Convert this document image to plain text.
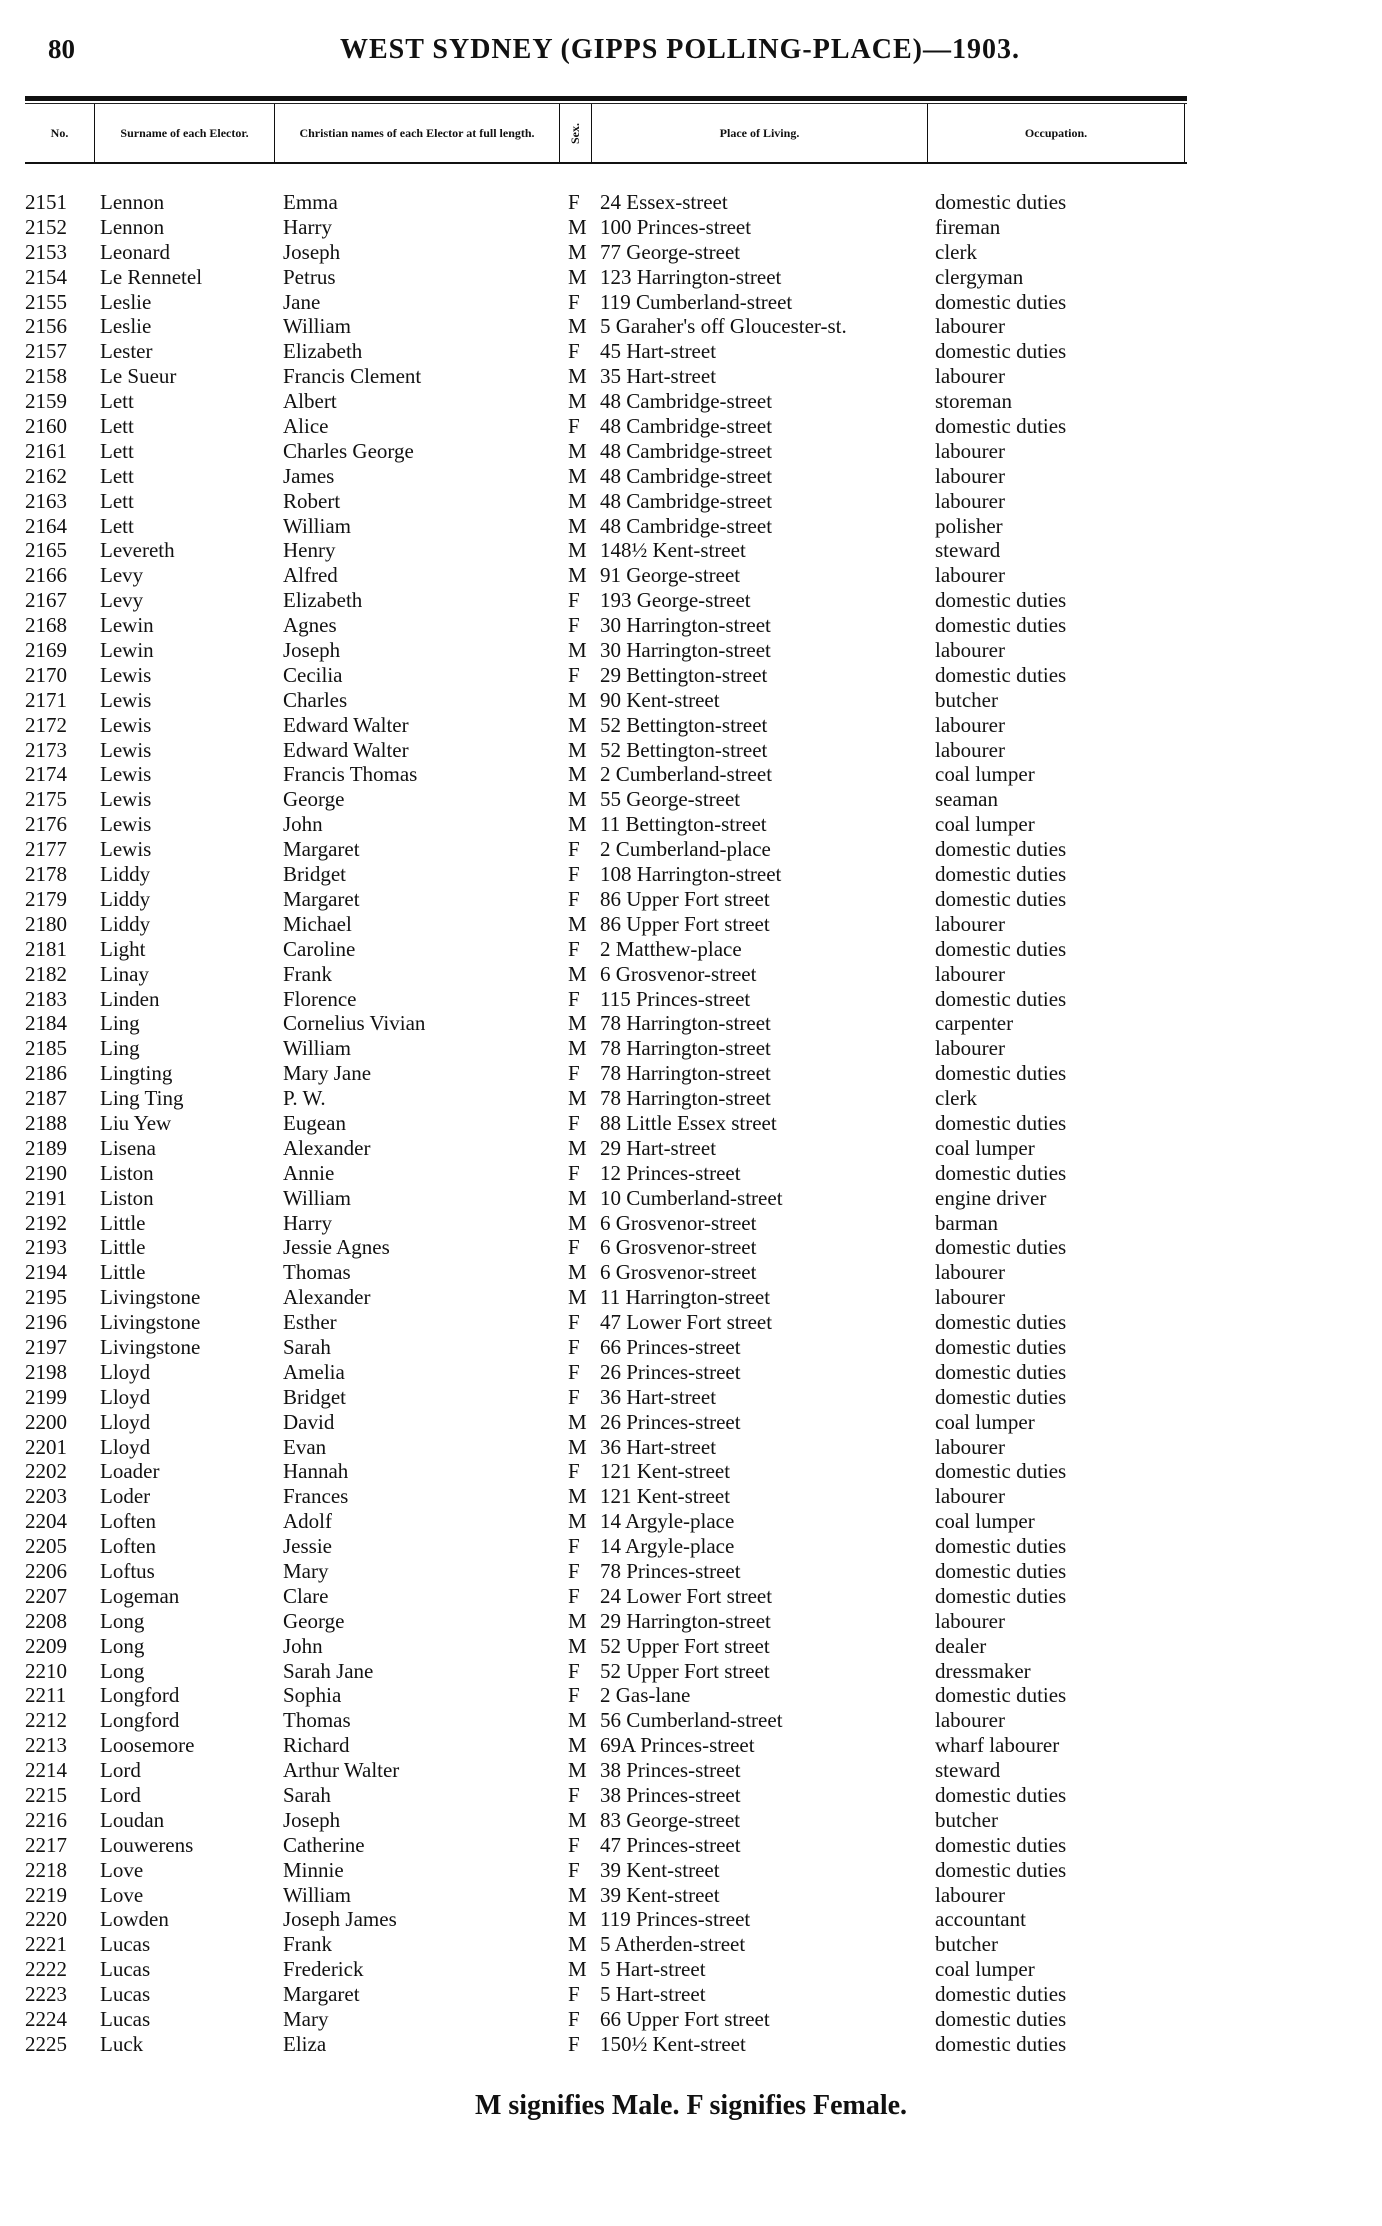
80	WEST SYDNEY (GIPPS POLLING-PLACE)—1903.
No.	Surname of each Elector.	Christian names of each Elector at full length.	Sex.	Place of Living.	Occupation.
2151	Lennon	Emma	F 24 Essex-street	domestic duties
2152	Lennon	Harry	M 100 Princes-street	fireman
2153	Leonard	Joseph	M 77 George-street	clerk
2154	Le Rennetel	Petrus	M 123 Harrington-street	clergyman
2155	Leslie	Jane	F 119 Cumberland-street	domestic duties
2156	Leslie	William	M 5 Garaher's off Gloucester-st.	labourer
2157	Lester	Elizabeth	F 45 Hart-street	domestic duties
2158	Le Sueur	Francis Clement	M 35 Hart-street	labourer
2159	Lett	Albert	M 48 Cambridge-street	storeman
2160	Lett	Alice	F 48 Cambridge-street	domestic duties
2161	Lett	Charles George	M 48 Cambridge-street	labourer
2162	Lett	James	M 48 Cambridge-street	labourer
2163	Lett	Robert	M 48 Cambridge-street	labourer
2164	Lett	William	M 48 Cambridge-street	polisher
2165	Levereth	Henry	M 148½ Kent-street	steward
2166	Levy	Alfred	M 91 George-street	labourer
2167	Levy	Elizabeth	F 193 George-street	domestic duties
2168	Lewin	Agnes	F 30 Harrington-street	domestic duties
2169	Lewin	Joseph	M 30 Harrington-street	labourer
2170	Lewis	Cecilia	F 29 Bettington-street	domestic duties
2171	Lewis	Charles	M 90 Kent-street	butcher
2172	Lewis	Edward Walter	M 52 Bettington-street	labourer
2173	Lewis	Edward Walter	M 52 Bettington-street	labourer
2174	Lewis	Francis Thomas	M 2 Cumberland-street	coal lumper
2175	Lewis	George	M 55 George-street	seaman
2176	Lewis	John	M 11 Bettington-street	coal lumper
2177	Lewis	Margaret	F 2 Cumberland-place	domestic duties
2178	Liddy	Bridget	F 108 Harrington-street	domestic duties
2179	Liddy	Margaret	F 86 Upper Fort street	domestic duties
2180	Liddy	Michael	M 86 Upper Fort street	labourer
2181	Light	Caroline	F 2 Matthew-place	domestic duties
2182	Linay	Frank	M 6 Grosvenor-street	labourer
2183	Linden	Florence	F 115 Princes-street	domestic duties
2184	Ling	Cornelius Vivian	M 78 Harrington-street	carpenter
2185	Ling	William	M 78 Harrington-street	labourer
2186	Lingting	Mary Jane	F 78 Harrington-street	domestic duties
2187	Ling Ting	P. W.	M 78 Harrington-street	clerk
2188	Liu Yew	Eugean	F 88 Little Essex street	domestic duties
2189	Lisena	Alexander	M 29 Hart-street	coal lumper
2190	Liston	Annie	F 12 Princes-street	domestic duties
2191	Liston	William	M 10 Cumberland-street	engine driver
2192	Little	Harry	M 6 Grosvenor-street	barman
2193	Little	Jessie Agnes	F 6 Grosvenor-street	domestic duties
2194	Little	Thomas	M 6 Grosvenor-street	labourer
2195	Livingstone	Alexander	M 11 Harrington-street	labourer
2196	Livingstone	Esther	F 47 Lower Fort street	domestic duties
2197	Livingstone	Sarah	F 66 Princes-street	domestic duties
2198	Lloyd	Amelia	F 26 Princes-street	domestic duties
2199	Lloyd	Bridget	F 36 Hart-street	domestic duties
2200	Lloyd	David	M 26 Princes-street	coal lumper
2201	Lloyd	Evan	M 36 Hart-street	labourer
2202	Loader	Hannah	F 121 Kent-street	domestic duties
2203	Loder	Frances	M 121 Kent-street	labourer
2204	Loften	Adolf	M 14 Argyle-place	coal lumper
2205	Loften	Jessie	F 14 Argyle-place	domestic duties
2206	Loftus	Mary	F 78 Princes-street	domestic duties
2207	Logeman	Clare	F 24 Lower Fort street	domestic duties
2208	Long	George	M 29 Harrington-street	labourer
2209	Long	John	M 52 Upper Fort street	dealer
2210	Long	Sarah Jane	F 52 Upper Fort street	dressmaker
2211	Longford	Sophia	F 2 Gas-lane	domestic duties
2212	Longford	Thomas	M 56 Cumberland-street	labourer
2213	Loosemore	Richard	M 69A Princes-street	wharf labourer
2214	Lord	Arthur Walter	M 38 Princes-street	steward
2215	Lord	Sarah	F 38 Princes-street	domestic duties
2216	Loudan	Joseph	M 83 George-street	butcher
2217	Louwerens	Catherine	F 47 Princes-street	domestic duties
2218	Love	Minnie	F 39 Kent-street	domestic duties
2219	Love	William	M 39 Kent-street	labourer
2220	Lowden	Joseph James	M 119 Princes-street	accountant
2221	Lucas	Frank	M 5 Atherden-street	butcher
2222	Lucas	Frederick	M 5 Hart-street	coal lumper
2223	Lucas	Margaret	F 5 Hart-street	domestic duties
2224	Lucas	Mary	F 66 Upper Fort street	domestic duties
2225	Luck	Eliza	F 150½ Kent-street	domestic duties
M signifies Male. F signifies Female.
